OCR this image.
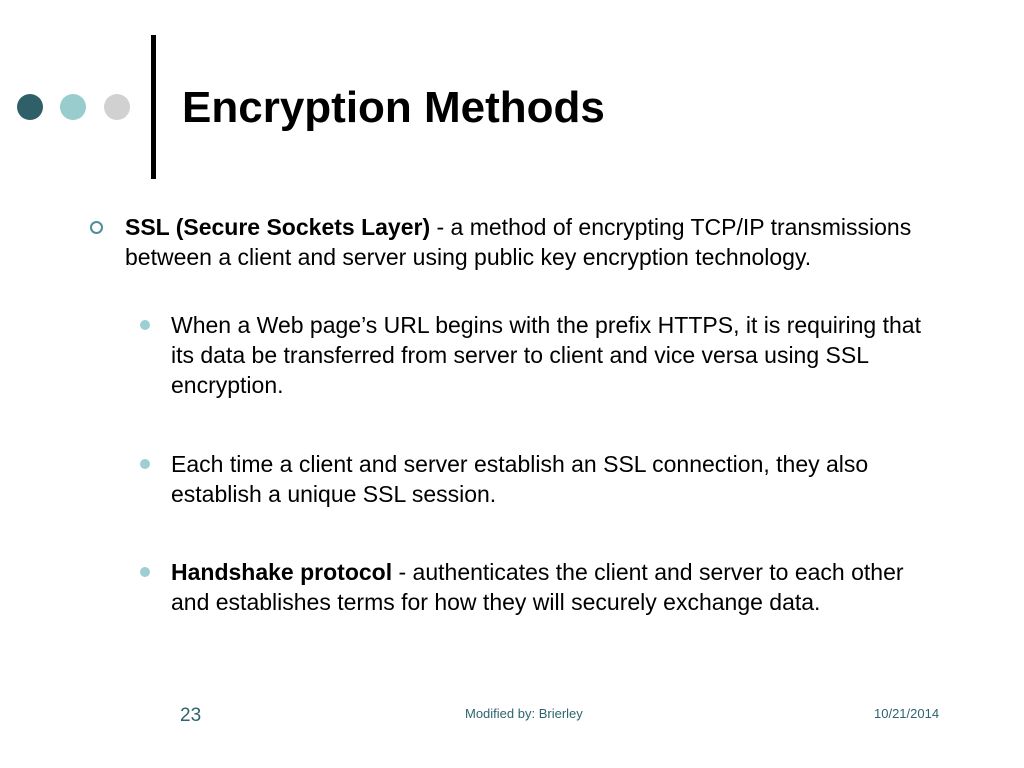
Encryption Methods
SSL (Secure Sockets Layer) - a method of encrypting TCP/IP transmissions between a client and server using public key encryption technology.
When a Web page’s URL begins with the prefix HTTPS, it is requiring that its data be transferred from server to client and vice versa using SSL encryption.
Each time a client and server establish an SSL connection, they also establish a unique SSL session.
Handshake protocol - authenticates the client and server to each other and establishes terms for how they will securely exchange data.
23	Modified by: Brierley	10/21/2014
